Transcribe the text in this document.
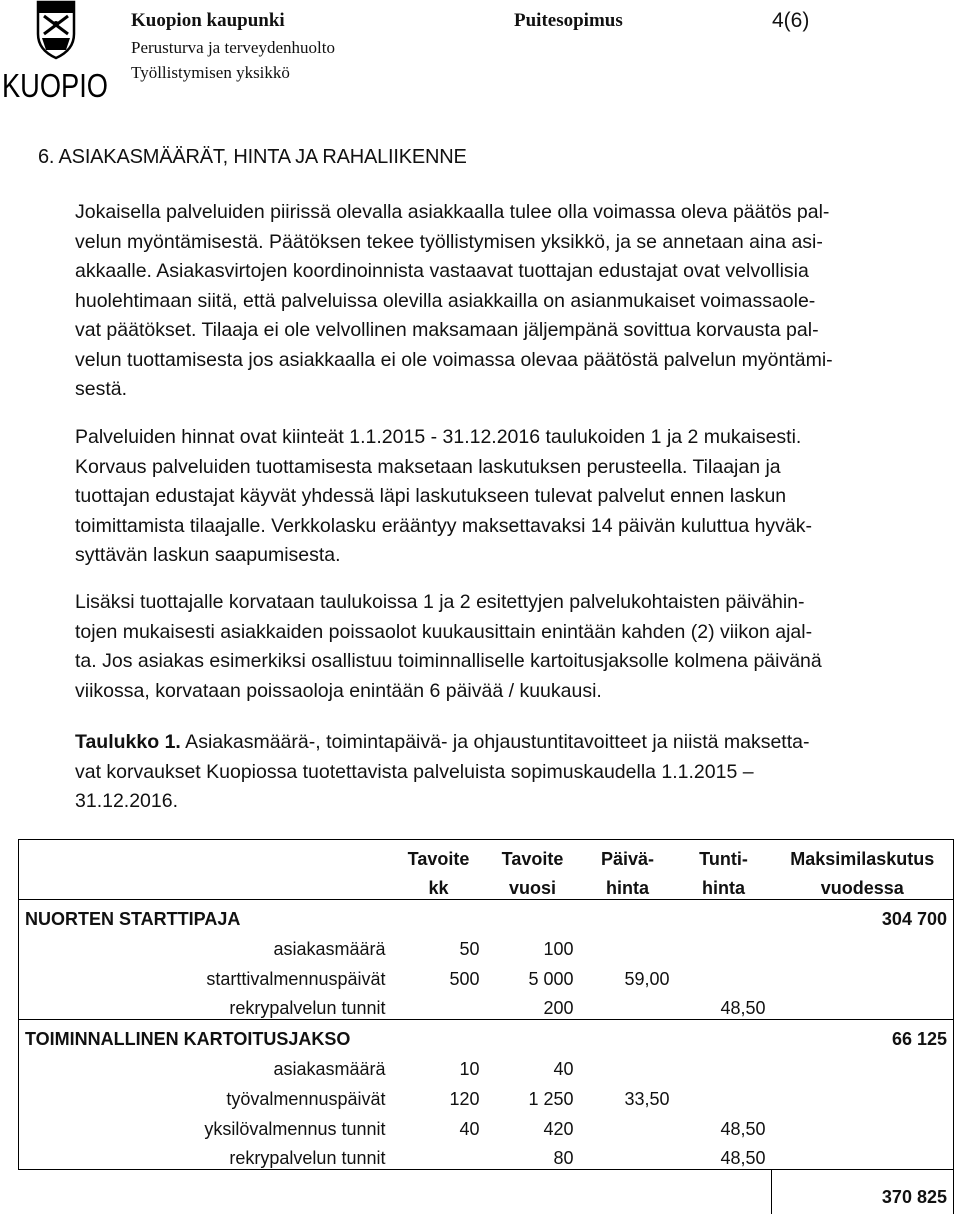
KUOPIO
Kuopion kaupunki	Puitesopimus	4(6)
Perusturva ja terveydenhuolto
Työllistymisen yksikkö
6. ASIAKASMÄÄRÄT, HINTA JA RAHALIIKENNE
Jokaisella palveluiden piirissä olevalla asiakkaalla tulee olla voimassa oleva päätös pal-
velun myöntämisestä. Päätöksen tekee työllistymisen yksikkö, ja se annetaan aina asi-
akkaalle. Asiakasvirtojen koordinoinnista vastaavat tuottajan edustajat ovat velvollisia
huolehtimaan siitä, että palveluissa olevilla asiakkailla on asianmukaiset voimassaole-
vat päätökset. Tilaaja ei ole velvollinen maksamaan jäljempänä sovittua korvausta pal-
velun tuottamisesta jos asiakkaalla ei ole voimassa olevaa päätöstä palvelun myöntämi-
sestä.
Palveluiden hinnat ovat kiinteät 1.1.2015 - 31.12.2016 taulukoiden 1 ja 2 mukaisesti.
Korvaus palveluiden tuottamisesta maksetaan laskutuksen perusteella. Tilaajan ja
tuottajan edustajat käyvät yhdessä läpi laskutukseen tulevat palvelut ennen laskun
toimittamista tilaajalle. Verkkolasku erääntyy maksettavaksi 14 päivän kuluttua hyväk-
syttävän laskun saapumisesta.
Lisäksi tuottajalle korvataan taulukoissa 1 ja 2 esitettyjen palvelukohtaisten päivähin-
tojen mukaisesti asiakkaiden poissaolot kuukausittain enintään kahden (2) viikon ajal-
ta. Jos asiakas esimerkiksi osallistuu toiminnalliselle kartoitusjaksolle kolmena päivänä
viikossa, korvataan poissaoloja enintään 6 päivää / kuukausi.
Taulukko 1. Asiakasmäärä-, toimintapäivä- ja ohjaustuntitavoitteet ja niistä maksetta-
vat korvaukset Kuopiossa tuotettavista palveluista sopimuskaudella 1.1.2015 –
31.12.2016.
	Tavoite	Tavoite	Päivä-	Tunti-	Maksimilaskutus
	kk	vuosi	hinta	hinta	vuodessa
NUORTEN STARTTIPAJA					304 700
asiakasmäärä	50	100			
starttivalmennuspäivät	500	5 000	59,00		
rekrypalvelun tunnit		200		48,50	
TOIMINNALLINEN KARTOITUSJAKSO					66 125
asiakasmäärä	10	40			
työvalmennuspäivät	120	1 250	33,50		
yksilövalmennus tunnit	40	420		48,50	
rekrypalvelun tunnit		80		48,50	
					370 825
